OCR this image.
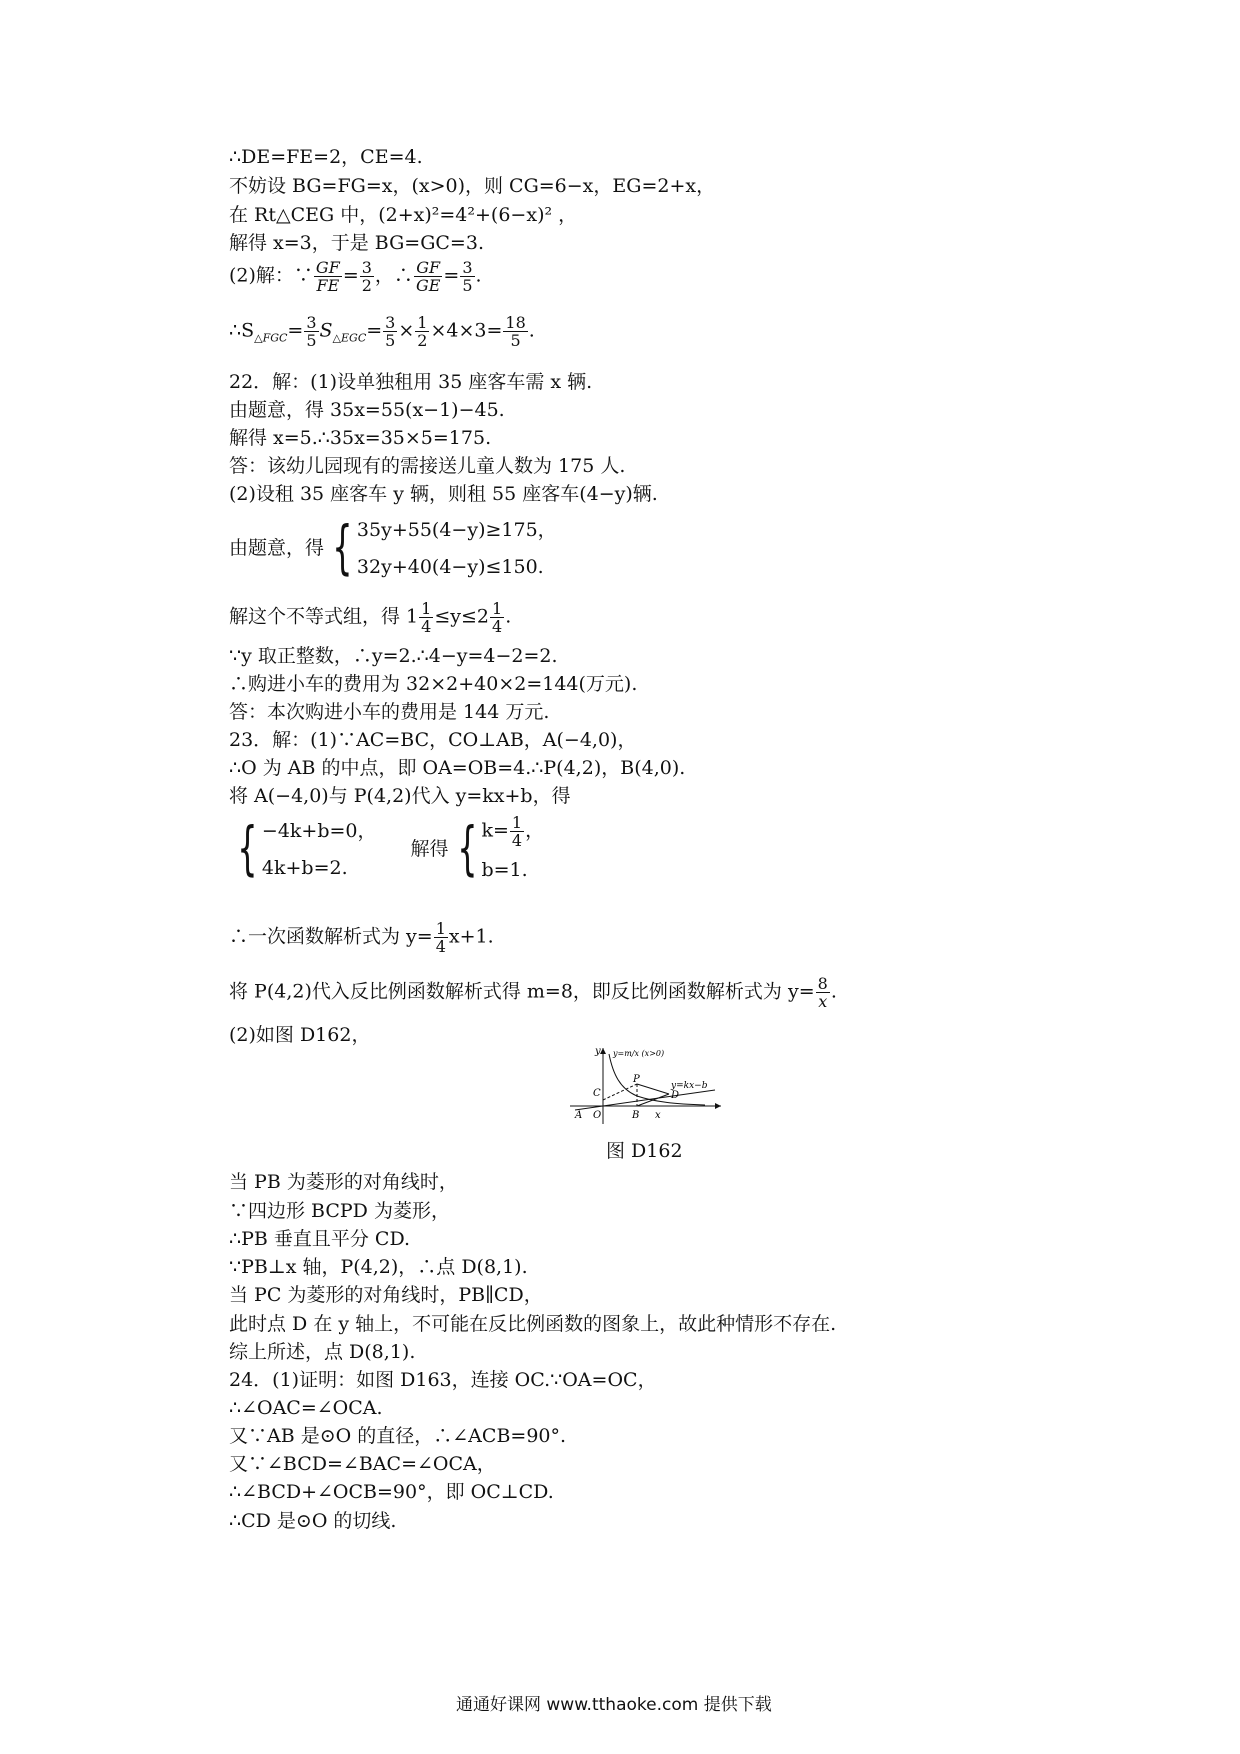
∴DE=FE=2，CE=4.
不妨设 BG=FG=x，(x>0)，则 CG=6−x，EG=2+x，
在 Rt△CEG 中，(2+x)²=4²+(6−x)² ，
解得 x=3，于是 BG=GC=3.
(2)解：∵ $\frac{GF}{FE} = \frac{3}{2}$ ，∴ $\frac{GF}{GE} = \frac{3}{5}$ .
$\therefore S_{\triangle FGC}= \frac{3}{5} S_{\triangle EGC}= \frac{3}{5} \times \frac{1}{2} \times 4\times 3= \frac{18}{5}$ .
22．解：(1)设单独租用 35 座客车需 x 辆.
由题意，得 35x=55(x−1)−45.
解得 x=5.∴35x=35×5=175.
答：该幼儿园现有的需接送儿童人数为 175 人.
(2)设租 35 座客车 y 辆，则租 55 座客车(4−y)辆.
由题意，得 { 35y+55(4−y)≥175，
32y+40(4−y)≤150.
解这个不等式组，得 $1 \frac{1}{4} \le y\le 2 \frac{1}{4}$ .
∵y 取正整数，∴y=2.∴4−y=4−2=2.
∴购进小车的费用为 32×2+40×2=144(万元).
答：本次购进小车的费用是 144 万元.
23．解：(1)∵AC=BC，CO⊥AB，A(−4,0)，
∴O 为 AB 的中点，即 OA=OB=4.∴P(4,2)，B(4,0).
将 A(−4,0)与 P(4,2)代入 y=kx+b，得
{ −4k+b=0，
4k+b=2.
解得 { $k= \frac{1}{4}$ ，
b=1.
∴一次函数解析式为 $y= \frac{1}{4} x+1$.
将 P(4,2)代入反比例函数解析式得 m=8，即反比例函数解析式为 $y= \frac{8}{x}$ .
(2)如图 D162，
当 PB 为菱形的对角线时，
∵四边形 BCPD 为菱形，
∴PB 垂直且平分 CD.
∵PB⊥x 轴，P(4,2)，∴点 D(8,1).
当 PC 为菱形的对角线时，PB∥CD，
此时点 D 在 y 轴上，不可能在反比例函数的图象上，故此种情形不存在.
综上所述，点 D(8,1).
24．(1)证明：如图 D163，连接 OC.∵OA=OC，
∴∠OAC=∠OCA.
又∵AB 是⊙O 的直径，∴∠ACB=90°.
又∵∠BCD=∠BAC=∠OCA，
∴∠BCD+∠OCB=90°，即 OC⊥CD.
∴CD 是⊙O 的切线.
y y=m/x (x>0)
y=kx−b
C
P
D
A O	B x
图 D162
通通好课网 www.tthaoke.com 提供下载
